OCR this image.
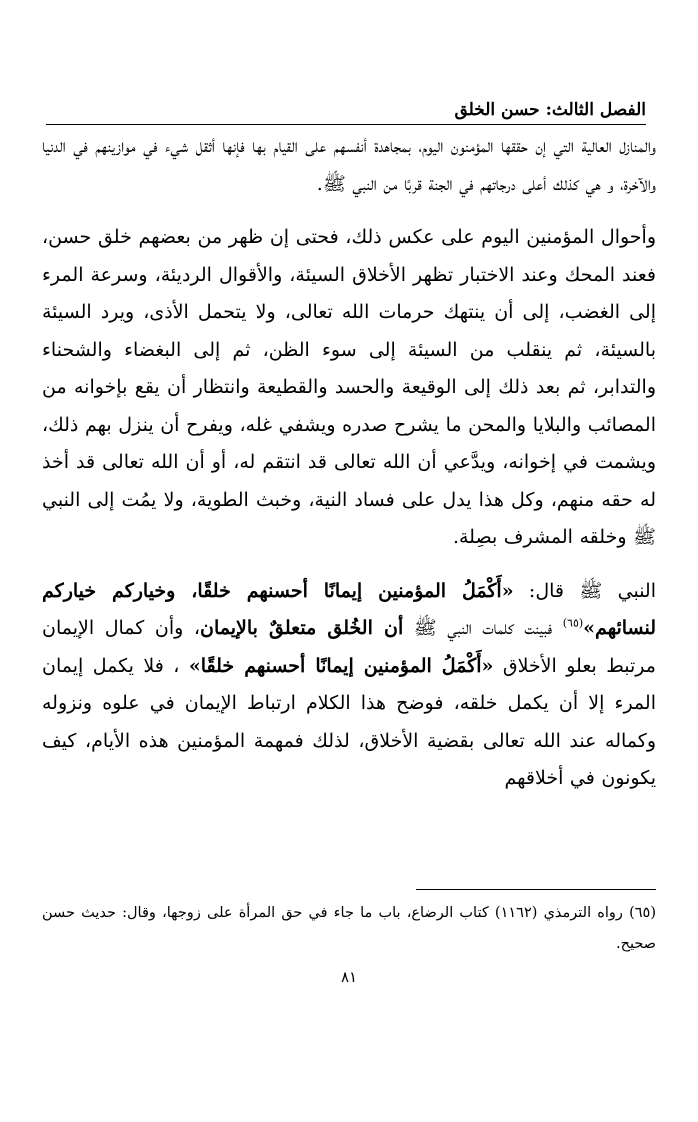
الفصل الثالث: حسن الخلق

والمنازل العالية التي إن حققها المؤمنون اليوم، بمجاهدة أنفسهم على القيام بها فإنها أثقل شيء في موازينهم في الدنيا والآخرة، و هي كذلك أعلى درجاتهم في الجنة قربًا من النبي ﷺ.

وأحوال المؤمنين اليوم على عكس ذلك، فحتى إن ظهر من بعضهم خلق حسن، فعند المحك وعند الاختبار تظهر الأخلاق السيئة، والأقوال الرديئة، وسرعة المرء إلى الغضب، إلى أن ينتهك حرمات الله تعالى، ولا يتحمل الأذى، ويرد السيئة بالسيئة، ثم ينقلب من السيئة إلى سوء الظن، ثم إلى البغضاء والشحناء والتدابر، ثم بعد ذلك إلى الوقيعة والحسد والقطيعة وانتظار أن يقع بإخوانه من المصائب والبلايا والمحن ما يشرح صدره ويشفي غله، ويفرح أن ينزل بهم ذلك، ويشمت في إخوانه، ويدَّعي أن الله تعالى قد انتقم له، أو أن الله تعالى قد أخذ له حقه منهم، وكل هذا يدل على فساد النية، وخبث الطوية، ولا يمُت إلى النبي ﷺ وخلقه المشرف بصِلة.

النبي ﷺ قال: «أَكْمَلُ المؤمنين إيمانًا أحسنهم خلقًا، وخياركم خياركم لنسائهم»$^{(٦٥)}$ فبينت كلمات النبي ﷺ أن الخُلق متعلقٌ بالإيمان، وأن كمال الإيمان مرتبط بعلو الأخلاق «أَكْمَلُ المؤمنين إيمانًا أحسنهم خلقًا» ، فلا يكمل إيمان المرء إلا أن يكمل خلقه، فوضح هذا الكلام ارتباط الإيمان في علوه ونزوله وكماله عند الله تعالى بقضية الأخلاق، لذلك فمهمة المؤمنين هذه الأيام، كيف يكونون في أخلاقهم

(٦٥) رواه الترمذي (١١٦٢) كتاب الرضاع، باب ما جاء في حق المرأة على زوجها، وقال: حديث حسن صحيح.
٨١
